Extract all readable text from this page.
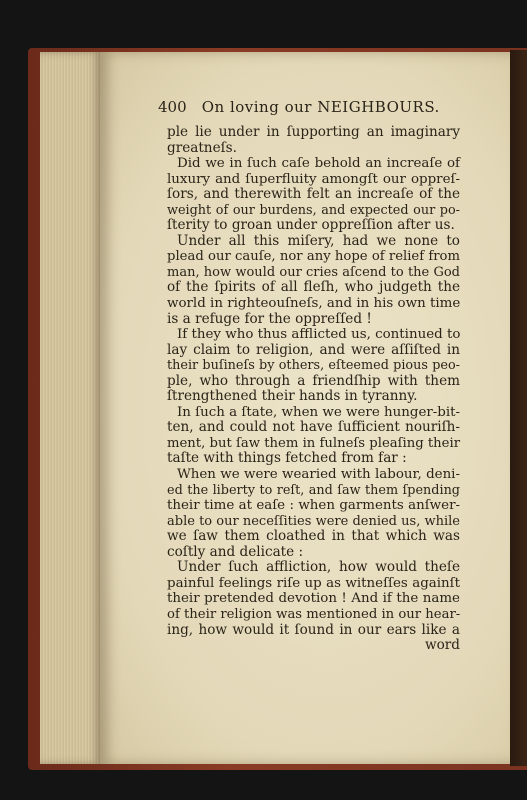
400 On loving our NEIGHBOURS.
ple lie under in ſupporting an imaginary
greatneſs.
Did we in ſuch caſe behold an increaſe of
luxury and ſuperfluity amongſt our oppreſ-
ſors, and therewith felt an increaſe of the
weight of our burdens, and expected our po-
ſterity to groan under oppreſſion after us.
Under all this miſery, had we none to
plead our cauſe, nor any hope of relief from
man, how would our cries aſcend to the God
of the ſpirits of all fleſh, who judgeth the
world in righteouſneſs, and in his own time
is a refuge for the oppreſſed !
If they who thus afflicted us, continued to
lay claim to religion, and were aſſiſted in
their buſineſs by others, eſteemed pious peo-
ple, who through a friendſhip with them
ſtrengthened their hands in tyranny.
In ſuch a ſtate, when we were hunger-bit-
ten, and could not have ſufficient nouriſh-
ment, but ſaw them in fulneſs pleaſing their
taſte with things fetched from far :
When we were wearied with labour, deni-
ed the liberty to reſt, and ſaw them ſpending
their time at eaſe : when garments anſwer-
able to our neceſſities were denied us, while
we ſaw them cloathed in that which was
coſtly and delicate :
Under ſuch affliction, how would theſe
painful feelings riſe up as witneſſes againſt
their pretended devotion ! And if the name
of their religion was mentioned in our hear-
ing, how would it ſound in our ears like a
word
